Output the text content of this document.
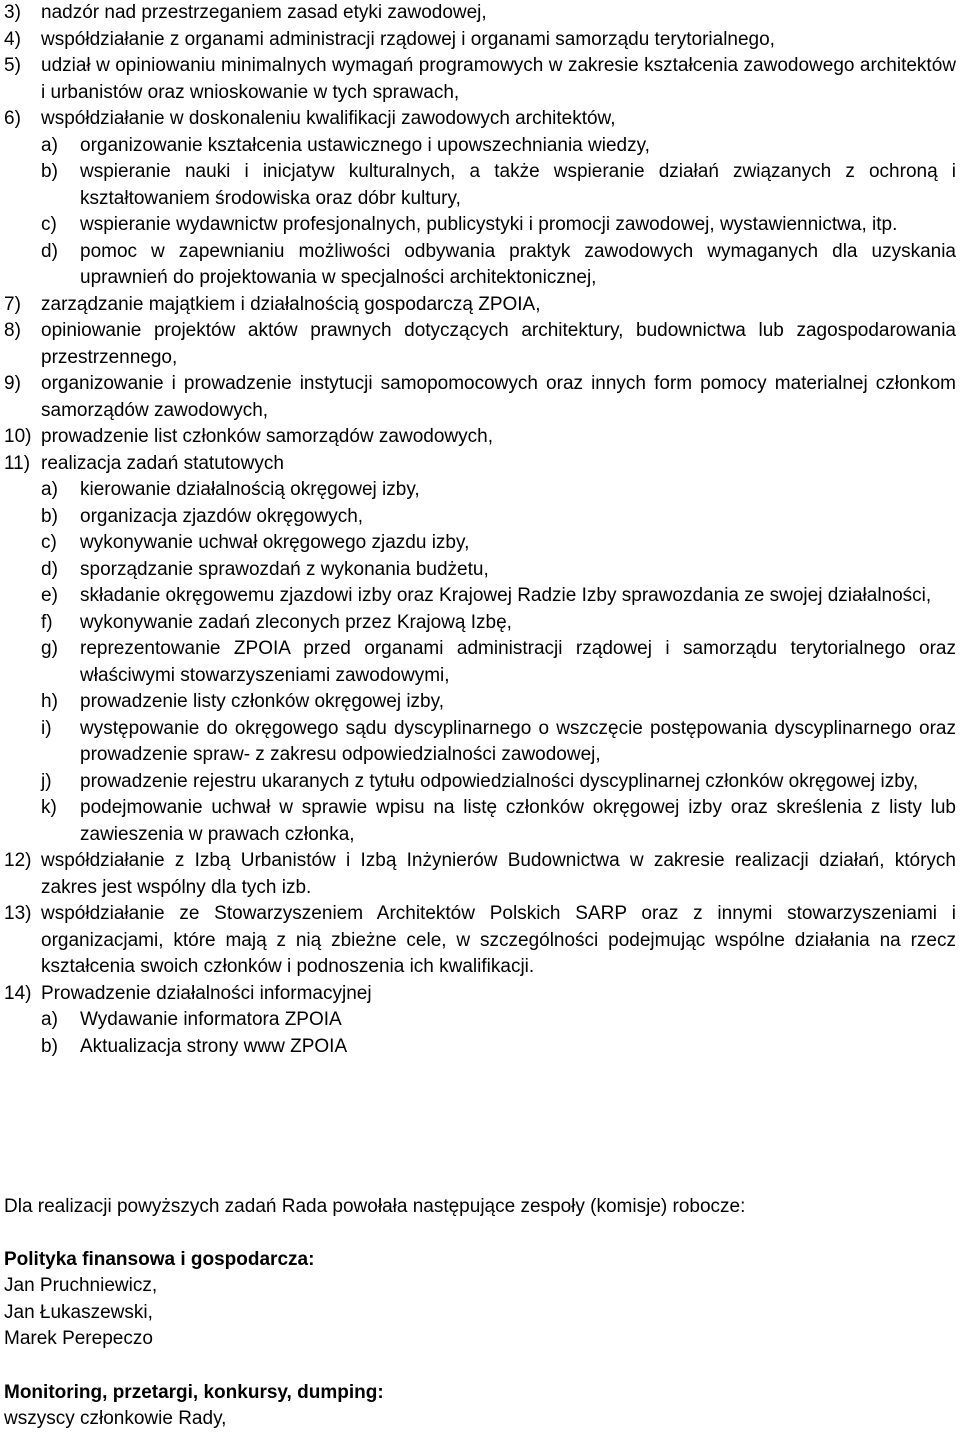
3) nadzór nad przestrzeganiem zasad etyki zawodowej,
4) współdziałanie z organami administracji rządowej i organami samorządu terytorialnego,
5) udział w opiniowaniu minimalnych wymagań programowych w zakresie kształcenia zawodowego architektów i urbanistów oraz wnioskowanie w tych sprawach,
6) współdziałanie w doskonaleniu kwalifikacji zawodowych architektów,
a) organizowanie kształcenia ustawicznego i upowszechniania wiedzy,
b) wspieranie nauki i inicjatyw kulturalnych, a także wspieranie działań związanych z ochroną i kształtowaniem środowiska oraz dóbr kultury,
c) wspieranie wydawnictw profesjonalnych, publicystyki i promocji zawodowej, wystawiennictwa, itp.
d) pomoc w zapewnianiu możliwości odbywania praktyk zawodowych wymaganych dla uzyskania uprawnień do projektowania w specjalności architektonicznej,
7) zarządzanie majątkiem i działalnością gospodarczą ZPOIA,
8) opiniowanie projektów aktów prawnych dotyczących architektury, budownictwa lub zagospodarowania przestrzennego,
9) organizowanie i prowadzenie instytucji samopomocowych oraz innych form pomocy materialnej członkom samorządów zawodowych,
10) prowadzenie list członków samorządów zawodowych,
11) realizacja zadań statutowych
a) kierowanie działalnością okręgowej izby,
b) organizacja zjazdów okręgowych,
c) wykonywanie uchwał okręgowego zjazdu izby,
d) sporządzanie sprawozdań z wykonania budżetu,
e) składanie okręgowemu zjazdowi izby oraz Krajowej Radzie Izby sprawozdania ze swojej działalności,
f) wykonywanie zadań zleconych przez Krajową Izbę,
g) reprezentowanie ZPOIA przed organami administracji rządowej i samorządu terytorialnego oraz właściwymi stowarzyszeniami zawodowymi,
h) prowadzenie listy członków okręgowej izby,
i) występowanie do okręgowego sądu dyscyplinarnego o wszczęcie postępowania dyscyplinarnego oraz prowadzenie spraw- z zakresu odpowiedzialności zawodowej,
j) prowadzenie rejestru ukaranych z tytułu odpowiedzialności dyscyplinarnej członków okręgowej izby,
k) podejmowanie uchwał w sprawie wpisu na listę członków okręgowej izby oraz skreślenia z listy lub zawieszenia w prawach członka,
12) współdziałanie z Izbą Urbanistów i Izbą Inżynierów Budownictwa w zakresie realizacji działań, których zakres jest wspólny dla tych izb.
13) współdziałanie ze Stowarzyszeniem Architektów Polskich SARP oraz z innymi stowarzyszeniami i organizacjami, które mają z nią zbieżne cele, w szczególności podejmując wspólne działania na rzecz kształcenia swoich członków i podnoszenia ich kwalifikacji.
14) Prowadzenie działalności informacyjnej
a) Wydawanie informatora ZPOIA
b) Aktualizacja strony www ZPOIA
Dla realizacji powyższych zadań Rada powołała następujące zespoły (komisje) robocze:
Polityka finansowa i gospodarcza:
Jan Pruchniewicz,
Jan Łukaszewski,
Marek Perepeczo
Monitoring, przetargi, konkursy, dumping:
wszyscy członkowie Rady,
